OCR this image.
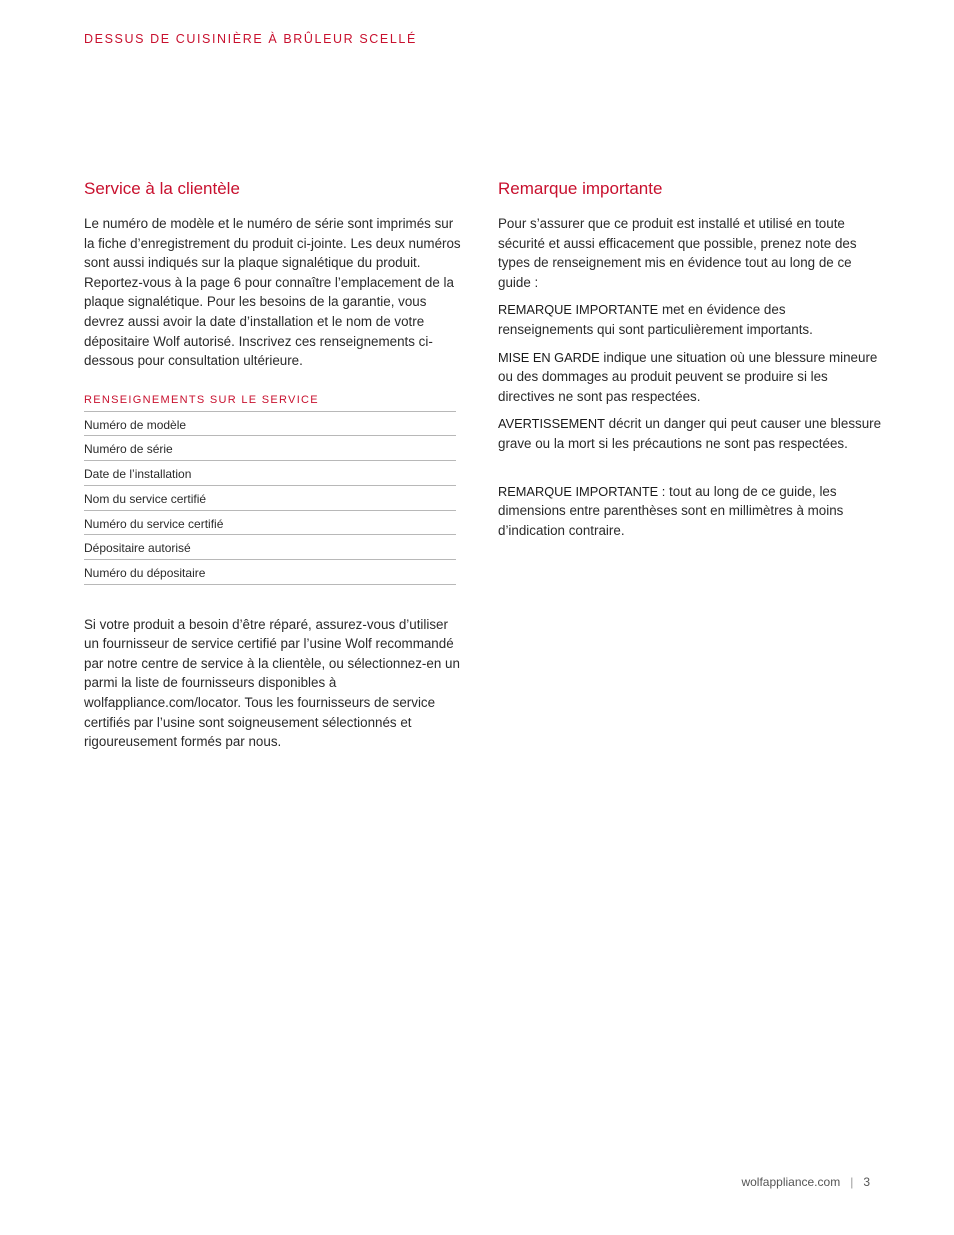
DESSUS DE CUISINIÈRE À BRÛLEUR SCELLÉ
Service à la clientèle

Le numéro de modèle et le numéro de série sont imprimés sur la fiche d’enregistrement du produit ci-jointe. Les deux numéros sont aussi indiqués sur la plaque signalétique du produit. Reportez-vous à la page 6 pour connaître l’emplacement de la plaque signalétique. Pour les besoins de la garantie, vous devrez aussi avoir la date d’installation et le nom de votre dépositaire Wolf autorisé. Inscrivez ces renseignements ci-dessous pour consultation ultérieure.

RENSEIGNEMENTS SUR LE SERVICE
Numéro de modèle
Numéro de série
Date de l’installation
Nom du service certifié
Numéro du service certifié
Dépositaire autorisé
Numéro du dépositaire

Si votre produit a besoin d’être réparé, assurez-vous d’utiliser un fournisseur de service certifié par l’usine Wolf recommandé par notre centre de service à la clientèle, ou sélectionnez-en un parmi la liste de fournisseurs disponibles à wolfappliance.com/locator. Tous les fournisseurs de service certifiés par l’usine sont soigneusement sélectionnés et rigoureusement formés par nous.

Remarque importante

Pour s’assurer que ce produit est installé et utilisé en toute sécurité et aussi efficacement que possible, prenez note des types de renseignement mis en évidence tout au long de ce guide :

REMARQUE IMPORTANTE met en évidence des renseignements qui sont particulièrement importants.

MISE EN GARDE indique une situation où une blessure mineure ou des dommages au produit peuvent se produire si les directives ne sont pas respectées.

AVERTISSEMENT décrit un danger qui peut causer une blessure grave ou la mort si les précautions ne sont pas respectées.

REMARQUE IMPORTANTE : tout au long de ce guide, les dimensions entre parenthèses sont en millimètres à moins d’indication contraire.

wolfappliance.com | 3
